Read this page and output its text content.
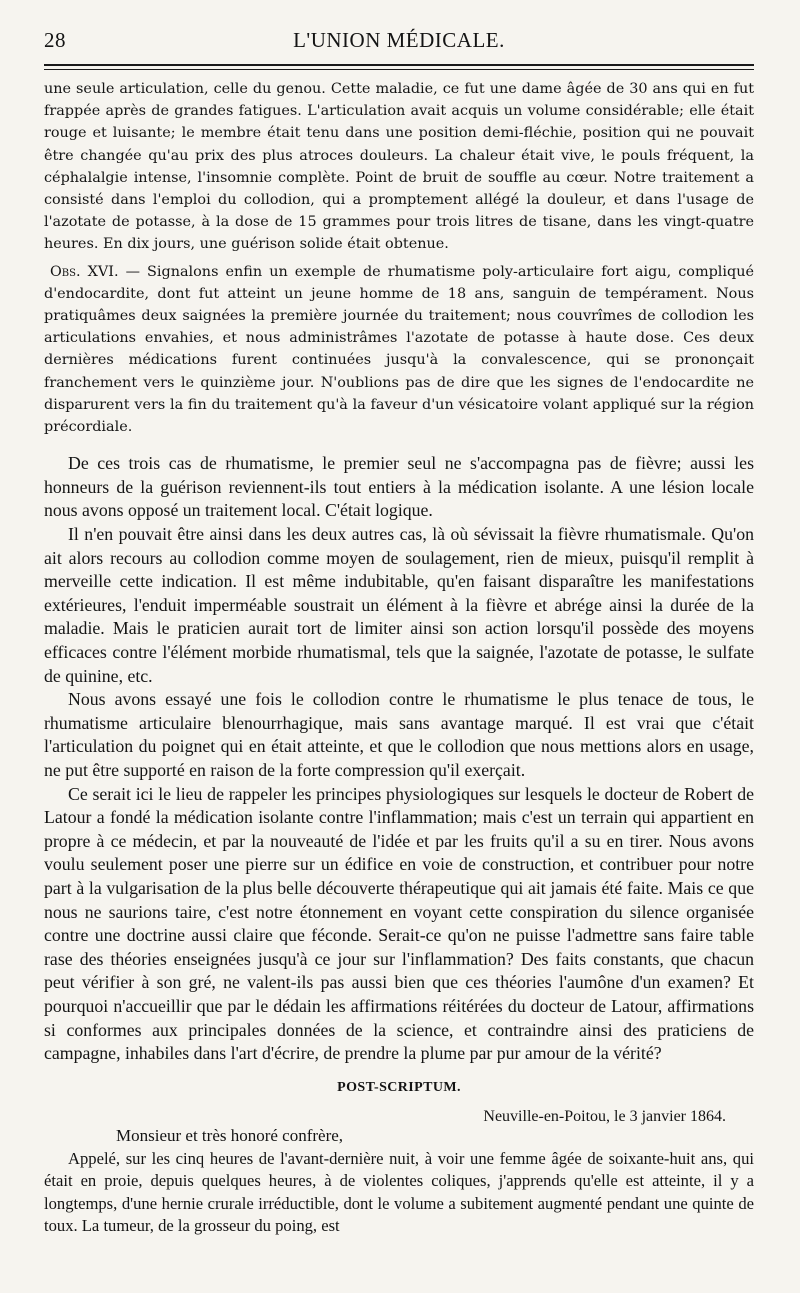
28	L'UNION MÉDICALE.

une seule articulation, celle du genou. Cette maladie, ce fut une dame âgée de 30 ans qui en fut frappée après de grandes fatigues. L'articulation avait acquis un volume considérable; elle était rouge et luisante; le membre était tenu dans une position demi-fléchie, position qui ne pouvait être changée qu'au prix des plus atroces douleurs. La chaleur était vive, le pouls fréquent, la céphalalgie intense, l'insomnie complète. Point de bruit de souffle au cœur. Notre traitement a consisté dans l'emploi du collodion, qui a promptement allégé la douleur, et dans l'usage de l'azotate de potasse, à la dose de 15 grammes pour trois litres de tisane, dans les vingt-quatre heures. En dix jours, une guérison solide était obtenue.

Obs. XVI. — Signalons enfin un exemple de rhumatisme poly-articulaire fort aigu, compliqué d'endocardite, dont fut atteint un jeune homme de 18 ans, sanguin de tempérament. Nous pratiquâmes deux saignées la première journée du traitement; nous couvrîmes de collodion les articulations envahies, et nous administrâmes l'azotate de potasse à haute dose. Ces deux dernières médications furent continuées jusqu'à la convalescence, qui se prononçait franchement vers le quinzième jour. N'oublions pas de dire que les signes de l'endocardite ne disparurent vers la fin du traitement qu'à la faveur d'un vésicatoire volant appliqué sur la région précordiale.

De ces trois cas de rhumatisme, le premier seul ne s'accompagna pas de fièvre; aussi les honneurs de la guérison reviennent-ils tout entiers à la médication isolante. A une lésion locale nous avons opposé un traitement local. C'était logique.

Il n'en pouvait être ainsi dans les deux autres cas, là où sévissait la fièvre rhumatismale. Qu'on ait alors recours au collodion comme moyen de soulagement, rien de mieux, puisqu'il remplit à merveille cette indication. Il est même indubitable, qu'en faisant disparaître les manifestations extérieures, l'enduit imperméable soustrait un élément à la fièvre et abrége ainsi la durée de la maladie. Mais le praticien aurait tort de limiter ainsi son action lorsqu'il possède des moyens efficaces contre l'élément morbide rhumatismal, tels que la saignée, l'azotate de potasse, le sulfate de quinine, etc.

Nous avons essayé une fois le collodion contre le rhumatisme le plus tenace de tous, le rhumatisme articulaire blenourrhagique, mais sans avantage marqué. Il est vrai que c'était l'articulation du poignet qui en était atteinte, et que le collodion que nous mettions alors en usage, ne put être supporté en raison de la forte compression qu'il exerçait.

Ce serait ici le lieu de rappeler les principes physiologiques sur lesquels le docteur de Robert de Latour a fondé la médication isolante contre l'inflammation; mais c'est un terrain qui appartient en propre à ce médecin, et par la nouveauté de l'idée et par les fruits qu'il a su en tirer. Nous avons voulu seulement poser une pierre sur un édifice en voie de construction, et contribuer pour notre part à la vulgarisation de la plus belle découverte thérapeutique qui ait jamais été faite. Mais ce que nous ne saurions taire, c'est notre étonnement en voyant cette conspiration du silence organisée contre une doctrine aussi claire que féconde. Serait-ce qu'on ne puisse l'admettre sans faire table rase des théories enseignées jusqu'à ce jour sur l'inflammation? Des faits constants, que chacun peut vérifier à son gré, ne valent-ils pas aussi bien que ces théories l'aumône d'un examen? Et pourquoi n'accueillir que par le dédain les affirmations réitérées du docteur de Latour, affirmations si conformes aux principales données de la science, et contraindre ainsi des praticiens de campagne, inhabiles dans l'art d'écrire, de prendre la plume par pur amour de la vérité?

POST-SCRIPTUM.
Neuville-en-Poitou, le 3 janvier 1864.
Monsieur et très honoré confrère,

Appelé, sur les cinq heures de l'avant-dernière nuit, à voir une femme âgée de soixante-huit ans, qui était en proie, depuis quelques heures, à de violentes coliques, j'apprends qu'elle est atteinte, il y a longtemps, d'une hernie crurale irréductible, dont le volume a subitement augmenté pendant une quinte de toux. La tumeur, de la grosseur du poing, est
